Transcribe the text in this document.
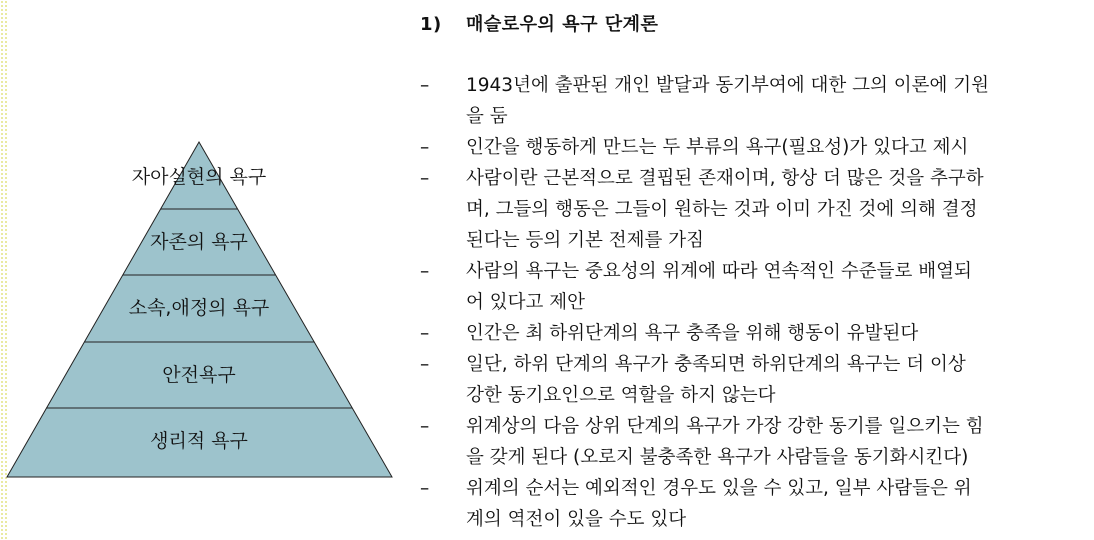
자아실현의 욕구
자존의 욕구
소속,애정의 욕구
안전욕구
생리적 욕구
1) 매슬로우의 욕구 단계론
–	1943년에 출판된 개인 발달과 동기부여에 대한 그의 이론에 기원
을 둠
–	인간을 행동하게 만드는 두 부류의 욕구(필요성)가 있다고 제시
–	사람이란 근본적으로 결핍된 존재이며, 항상 더 많은 것을 추구하
며, 그들의 행동은 그들이 원하는 것과 이미 가진 것에 의해 결정
된다는 등의 기본 전제를 가짐
–	사람의 욕구는 중요성의 위계에 따라 연속적인 수준들로 배열되
어 있다고 제안
–	인간은 최 하위단계의 욕구 충족을 위해 행동이 유발된다
–	일단, 하위 단계의 욕구가 충족되면 하위단계의 욕구는 더 이상
강한 동기요인으로 역할을 하지 않는다
–	위계상의 다음 상위 단계의 욕구가 가장 강한 동기를 일으키는 힘
을 갖게 된다 (오로지 불충족한 욕구가 사람들을 동기화시킨다)
–	위계의 순서는 예외적인 경우도 있을 수 있고, 일부 사람들은 위
계의 역전이 있을 수도 있다
